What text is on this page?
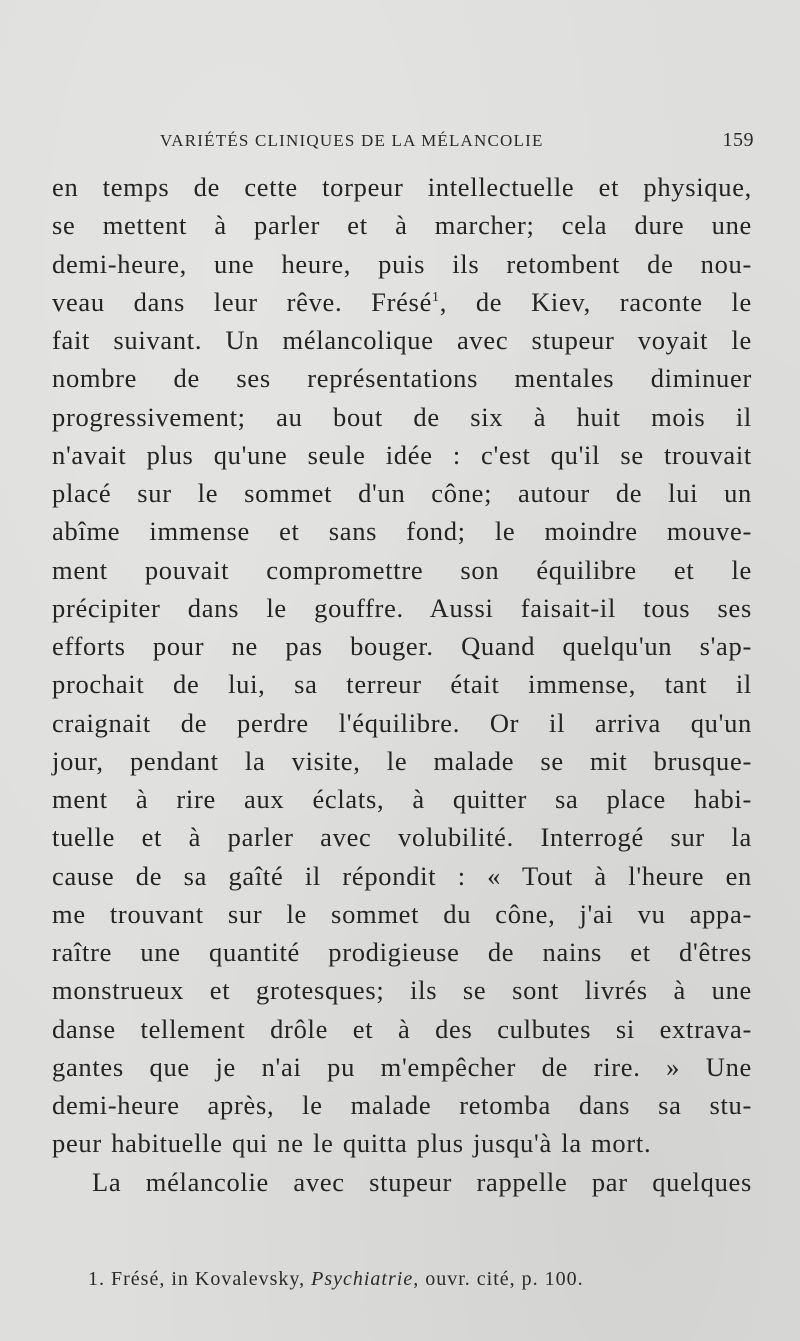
VARIÉTÉS CLINIQUES DE LA MÉLANCOLIE	159
en temps de cette torpeur intellectuelle et physique,
se mettent à parler et à marcher; cela dure une
demi-heure, une heure, puis ils retombent de nou-
veau dans leur rêve. Frésé$^1$, de Kiev, raconte le
fait suivant. Un mélancolique avec stupeur voyait le
nombre de ses représentations mentales diminuer
progressivement; au bout de six à huit mois il
n'avait plus qu'une seule idée : c'est qu'il se trouvait
placé sur le sommet d'un cône; autour de lui un
abîme immense et sans fond; le moindre mouve-
ment pouvait compromettre son équilibre et le
précipiter dans le gouffre. Aussi faisait-il tous ses
efforts pour ne pas bouger. Quand quelqu'un s'ap-
prochait de lui, sa terreur était immense, tant il
craignait de perdre l'équilibre. Or il arriva qu'un
jour, pendant la visite, le malade se mit brusque-
ment à rire aux éclats, à quitter sa place habi-
tuelle et à parler avec volubilité. Interrogé sur la
cause de sa gaîté il répondit : « Tout à l'heure en
me trouvant sur le sommet du cône, j'ai vu appa-
raître une quantité prodigieuse de nains et d'êtres
monstrueux et grotesques; ils se sont livrés à une
danse tellement drôle et à des culbutes si extrava-
gantes que je n'ai pu m'empêcher de rire. » Une
demi-heure après, le malade retomba dans sa stu-
peur habituelle qui ne le quitta plus jusqu'à la mort.
La mélancolie avec stupeur rappelle par quelques
1. Frésé, in Kovalevsky, Psychiatrie, ouvr. cité, p. 100.
